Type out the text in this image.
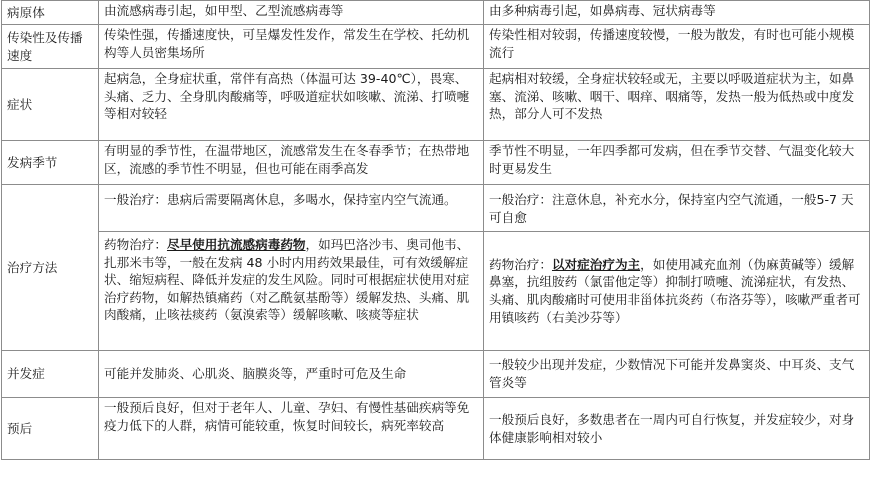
病原体	由流感病毒引起，如甲型、乙型流感病毒等	由多种病毒引起，如鼻病毒、冠状病毒等
传染性及传播速度	传染性强，传播速度快，可呈爆发性发作，常发生在学校、托幼机构等人员密集场所	传染性相对较弱，传播速度较慢，一般为散发，有时也可能小规模流行
症状	起病急，全身症状重，常伴有高热（体温可达 39-40℃），畏寒、头痛、乏力、全身肌肉酸痛等，呼吸道症状如咳嗽、流涕、打喷嚏等相对较轻	起病相对较缓，全身症状较轻或无，主要以呼吸道症状为主，如鼻塞、流涕、咳嗽、咽干、咽痒、咽痛等，发热一般为低热或中度发热，部分人可不发热
发病季节	有明显的季节性，在温带地区，流感常发生在冬春季节；在热带地区，流感的季节性不明显，但也可能在雨季高发	季节性不明显，一年四季都可发病，但在季节交替、气温变化较大时更易发生
治疗方法	一般治疗：患病后需要隔离休息，多喝水，保持室内空气流通。	一般治疗：注意休息，补充水分，保持室内空气流通，一般5-7 天可自愈
	药物治疗：尽早使用抗流感病毒药物，如玛巴洛沙韦、奥司他韦、扎那米韦等，一般在发病 48 小时内用药效果最佳，可有效缓解症状、缩短病程、降低并发症的发生风险。同时可根据症状使用对症治疗药物，如解热镇痛药（对乙酰氨基酚等）缓解发热、头痛、肌肉酸痛，止咳祛痰药（氨溴索等）缓解咳嗽、咳痰等症状	药物治疗：以对症治疗为主，如使用减充血剂（伪麻黄碱等）缓解鼻塞，抗组胺药（氯雷他定等）抑制打喷嚏、流涕症状，有发热、头痛、肌肉酸痛时可使用非甾体抗炎药（布洛芬等），咳嗽严重者可用镇咳药（右美沙芬等）
并发症	可能并发肺炎、心肌炎、脑膜炎等，严重时可危及生命	一般较少出现并发症，少数情况下可能并发鼻窦炎、中耳炎、支气管炎等
预后	一般预后良好，但对于老年人、儿童、孕妇、有慢性基础疾病等免疫力低下的人群，病情可能较重，恢复时间较长，病死率较高	一般预后良好，多数患者在一周内可自行恢复，并发症较少，对身体健康影响相对较小
